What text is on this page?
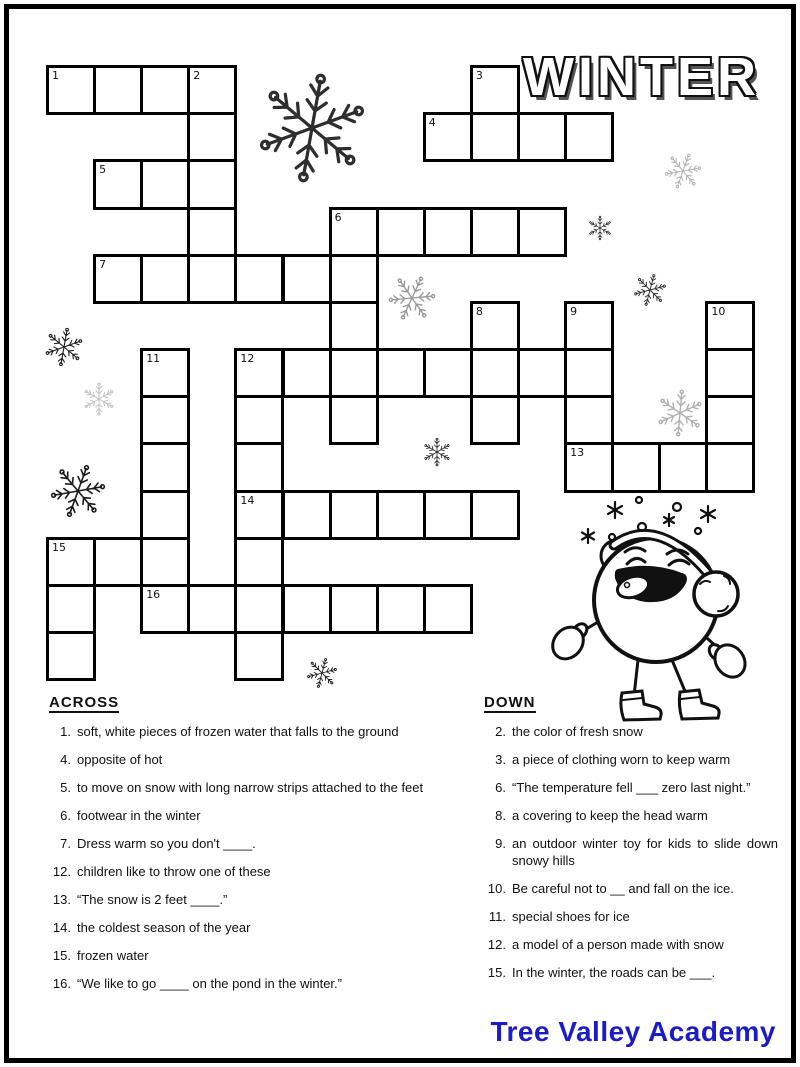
WINTER
1	2	3
4
5
6
7
8	9	10
11	12
13
14
15
16
ACROSS
1. soft, white pieces of frozen water that falls to the ground
4. opposite of hot
5. to move on snow with long narrow strips attached to the feet
6. footwear in the winter
7. Dress warm so you don't ____.
12. children like to throw one of these
13. “The snow is 2 feet ____.”
14. the coldest season of the year
15. frozen water
16. “We like to go ____ on the pond in the winter.”
DOWN
2. the color of fresh snow
3. a piece of clothing worn to keep warm
6. “The temperature fell ___ zero last night.”
8. a covering to keep the head warm
9. an outdoor winter toy for kids to slide down snowy hills
10. Be careful not to __ and fall on the ice.
11. special shoes for ice
12. a model of a person made with snow
15. In the winter, the roads can be ___.
Tree Valley Academy
